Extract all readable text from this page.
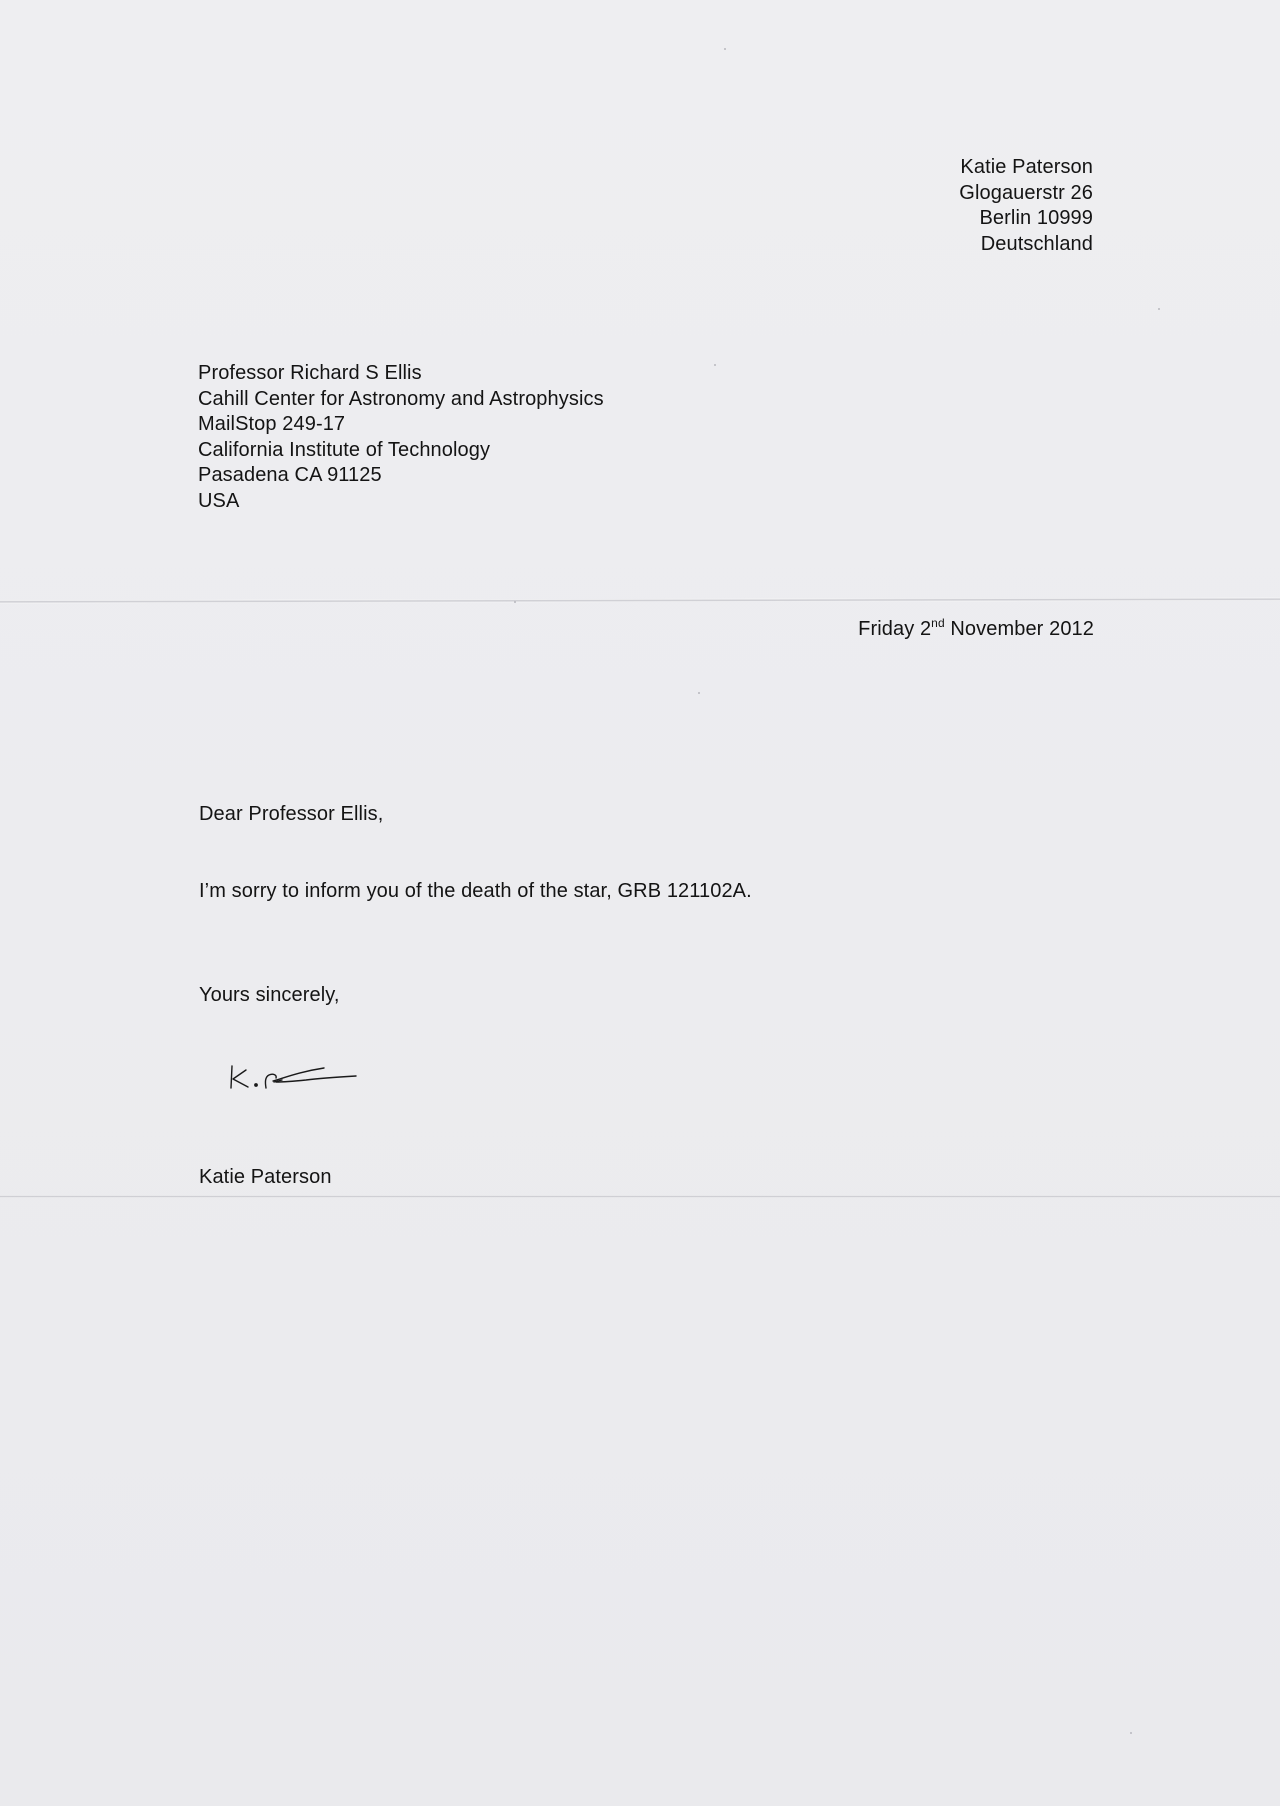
Katie Paterson
Glogauerstr 26
Berlin 10999
Deutschland
Professor Richard S Ellis
Cahill Center for Astronomy and Astrophysics
MailStop 249-17
California Institute of Technology
Pasadena CA 91125
USA
Friday 2nd November 2012
Dear Professor Ellis,
I’m sorry to inform you of the death of the star, GRB 121102A.
Yours sincerely,
Katie Paterson
